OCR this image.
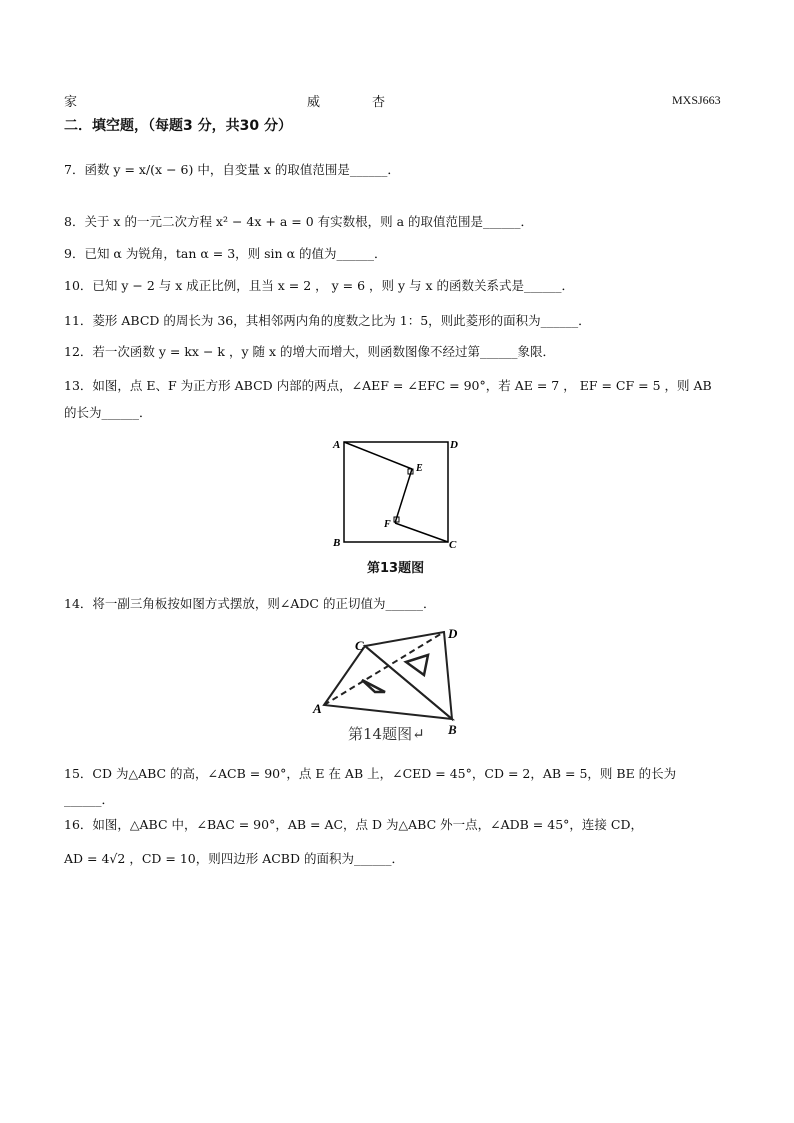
家	威	杏	MXSJ663
二．填空题，（每题3 分，共30 分）
7．函数 y = x/(x − 6) 中，自变量 x 的取值范围是______．
8．关于 x 的一元二次方程 x² − 4x + a = 0 有实数根，则 a 的取值范围是______．
9．已知 α 为锐角，tan α = 3，则 sin α 的值为______．
10．已知 y − 2 与 x 成正比例，且当 x = 2 ， y = 6 ，则 y 与 x 的函数关系式是______．
11．菱形 ABCD 的周长为 36，其相邻两内角的度数之比为 1：5，则此菱形的面积为______．
12．若一次函数 y = kx − k ，y 随 x 的增大而增大，则函数图像不经过第______象限．
13．如图，点 E、F 为正方形 ABCD 内部的两点，∠AEF = ∠EFC = 90°，若 AE = 7 ， EF = CF = 5 ，则 AB
的长为______．
A	D
B	C
E
F
第13题图
14．将一副三角板按如图方式摆放，则∠ADC 的正切值为______．
A
C
D
第14题图↵ B
15．CD 为△ABC 的高，∠ACB = 90°，点 E 在 AB 上，∠CED = 45°，CD = 2，AB = 5，则 BE 的长为
______．
16．如图，△ABC 中，∠BAC = 90°，AB = AC，点 D 为△ABC 外一点，∠ADB = 45°，连接 CD，
AD = 4√2 ，CD = 10，则四边形 ACBD 的面积为______．
